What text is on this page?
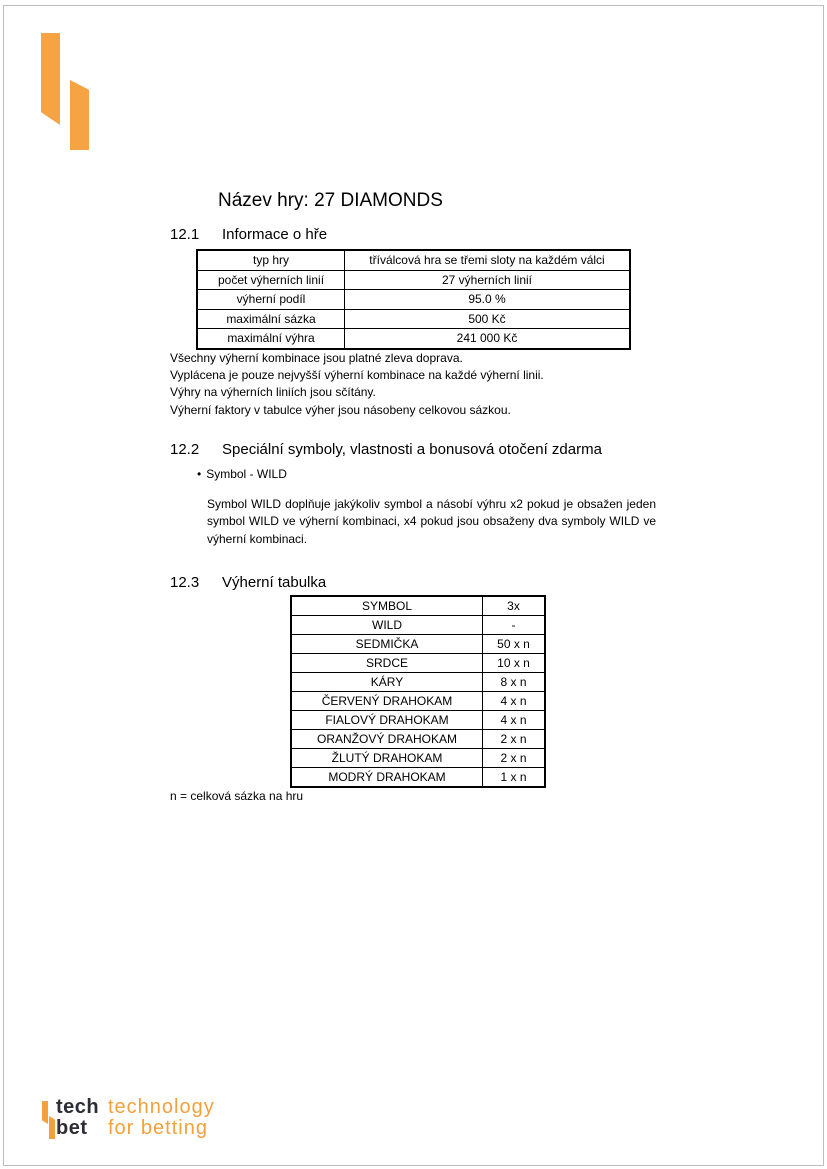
Název hry: 27 DIAMONDS
12.1 Informace o hře
typ hry	tříválcová hra se třemi sloty na každém válci
počet výherních linií	27 výherních linií
výherní podíl	95.0 %
maximální sázka	500 Kč
maximální výhra	241 000 Kč
Všechny výherní kombinace jsou platné zleva doprava.
Vyplácena je pouze nejvyšší výherní kombinace na každé výherní linii.
Výhry na výherních liniích jsou sčítány.
Výherní faktory v tabulce výher jsou násobeny celkovou sázkou.
12.2 Speciální symboly, vlastnosti a bonusová otočení zdarma
• Symbol - WILD
Symbol WILD doplňuje jakýkoliv symbol a násobí výhru x2 pokud je obsažen jeden symbol WILD ve výherní kombinaci, x4 pokud jsou obsaženy dva symboly WILD ve výherní kombinaci.
12.3 Výherní tabulka
SYMBOL	3x
WILD	-
SEDMIČKA	50 x n
SRDCE	10 x n
KÁRY	8 x n
ČERVENÝ DRAHOKAM	4 x n
FIALOVÝ DRAHOKAM	4 x n
ORANŽOVÝ DRAHOKAM	2 x n
ŽLUTÝ DRAHOKAM	2 x n
MODRÝ DRAHOKAM	1 x n
n = celková sázka na hru
tech technology
bet for betting
